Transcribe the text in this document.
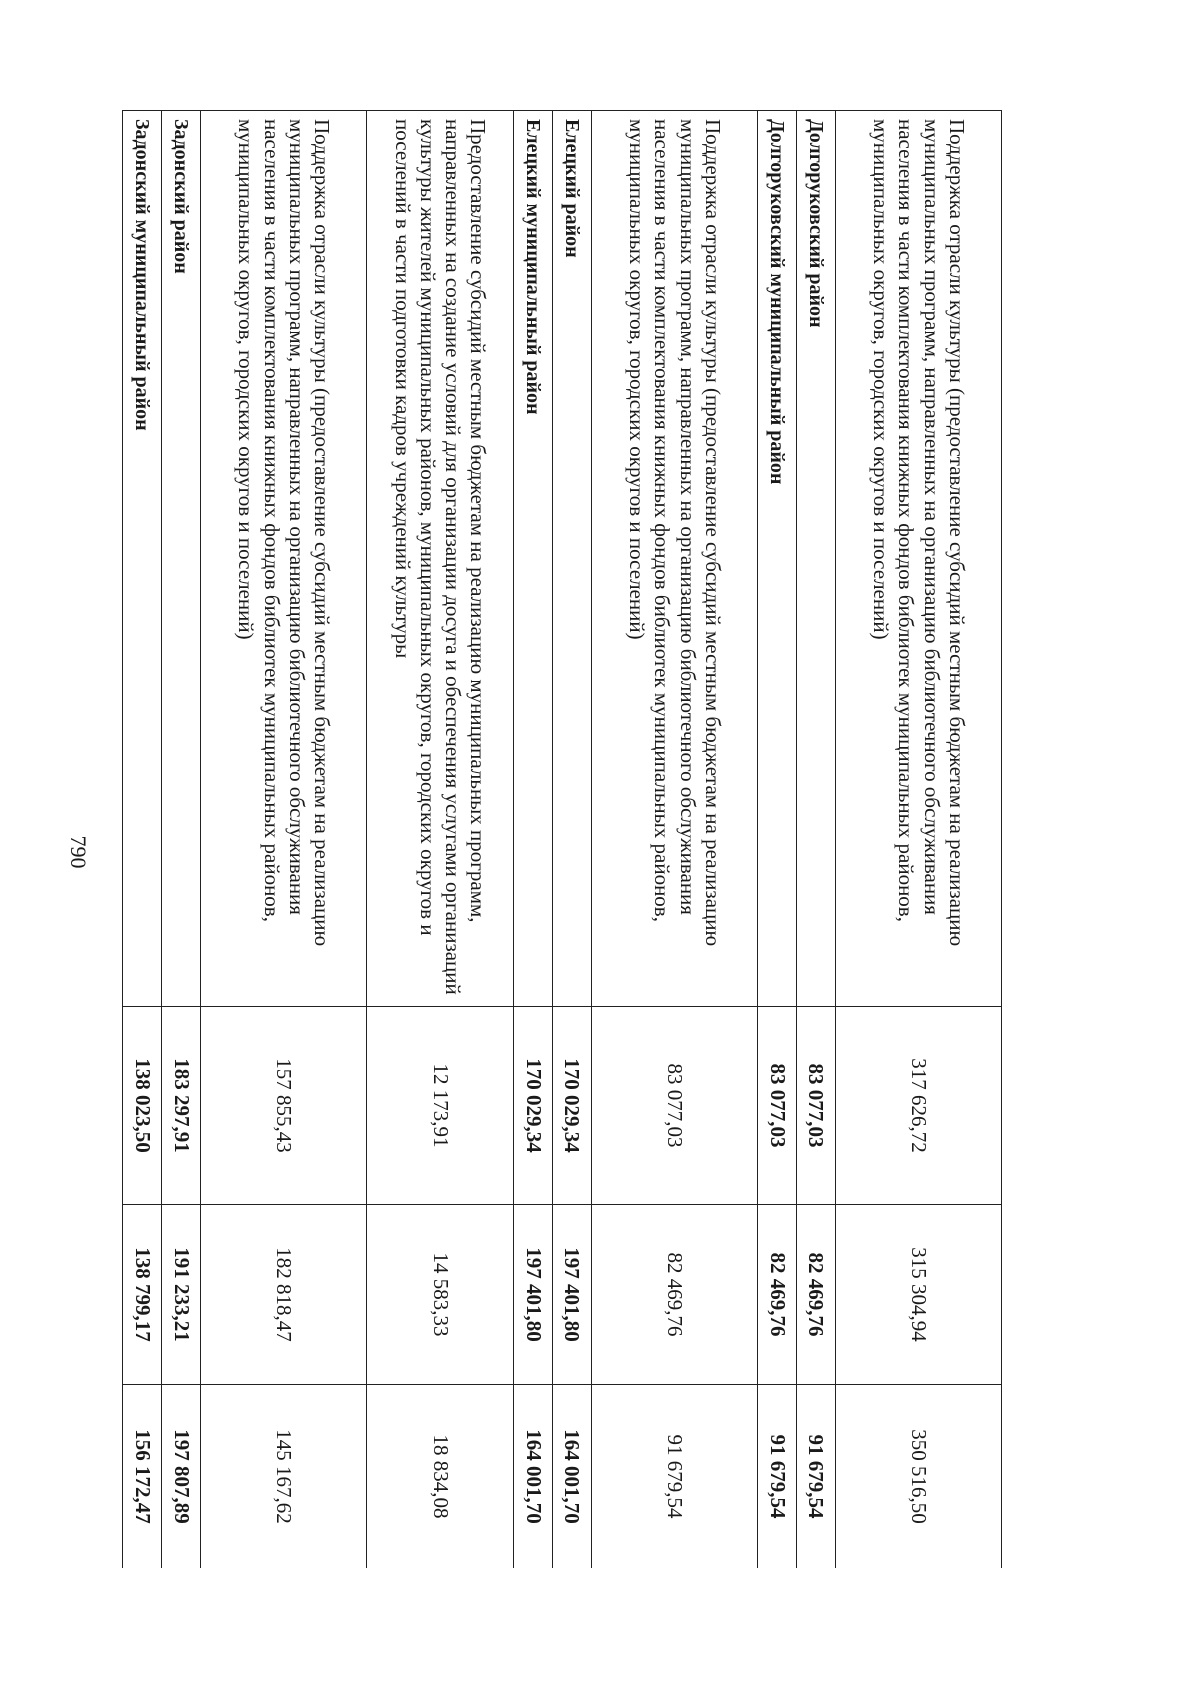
790	Поддержка отрасли культуры (предоставление субсидий местным бюджетам на реализацию муниципальных программ, направленных на организацию библиотечного обслуживания населения в части комплектования книжных фондов библиотек муниципальных районов, муниципальных округов, городских округов и поселений)	317 626,72	315 304,94	350 516,50
Долгоруковский район	83 077,03	82 469,76	91 679,54
Долгоруковский муниципальный район	83 077,03	82 469,76	91 679,54
Поддержка отрасли культуры (предоставление субсидий местным бюджетам на реализацию муниципальных программ, направленных на организацию библиотечного обслуживания населения в части комплектования книжных фондов библиотек муниципальных районов, муниципальных округов, городских округов и поселений)	83 077,03	82 469,76	91 679,54
Елецкий район	170 029,34	197 401,80	164 001,70
Елецкий муниципальный район	170 029,34	197 401,80	164 001,70
Предоставление субсидий местным бюджетам на реализацию муниципальных программ, направленных на создание условий для организации досуга и обеспечения услугами организаций культуры жителей муниципальных районов, муниципальных округов, городских округов и поселений в части подготовки кадров учреждений культуры	12 173,91	14 583,33	18 834,08
Поддержка отрасли культуры (предоставление субсидий местным бюджетам на реализацию муниципальных программ, направленных на организацию библиотечного обслуживания населения в части комплектования книжных фондов библиотек муниципальных районов, муниципальных округов, городских округов и поселений)	157 855,43	182 818,47	145 167,62
Задонский район	183 297,91	191 233,21	197 807,89
Задонский муниципальный район	138 023,50	138 799,17	156 172,47
